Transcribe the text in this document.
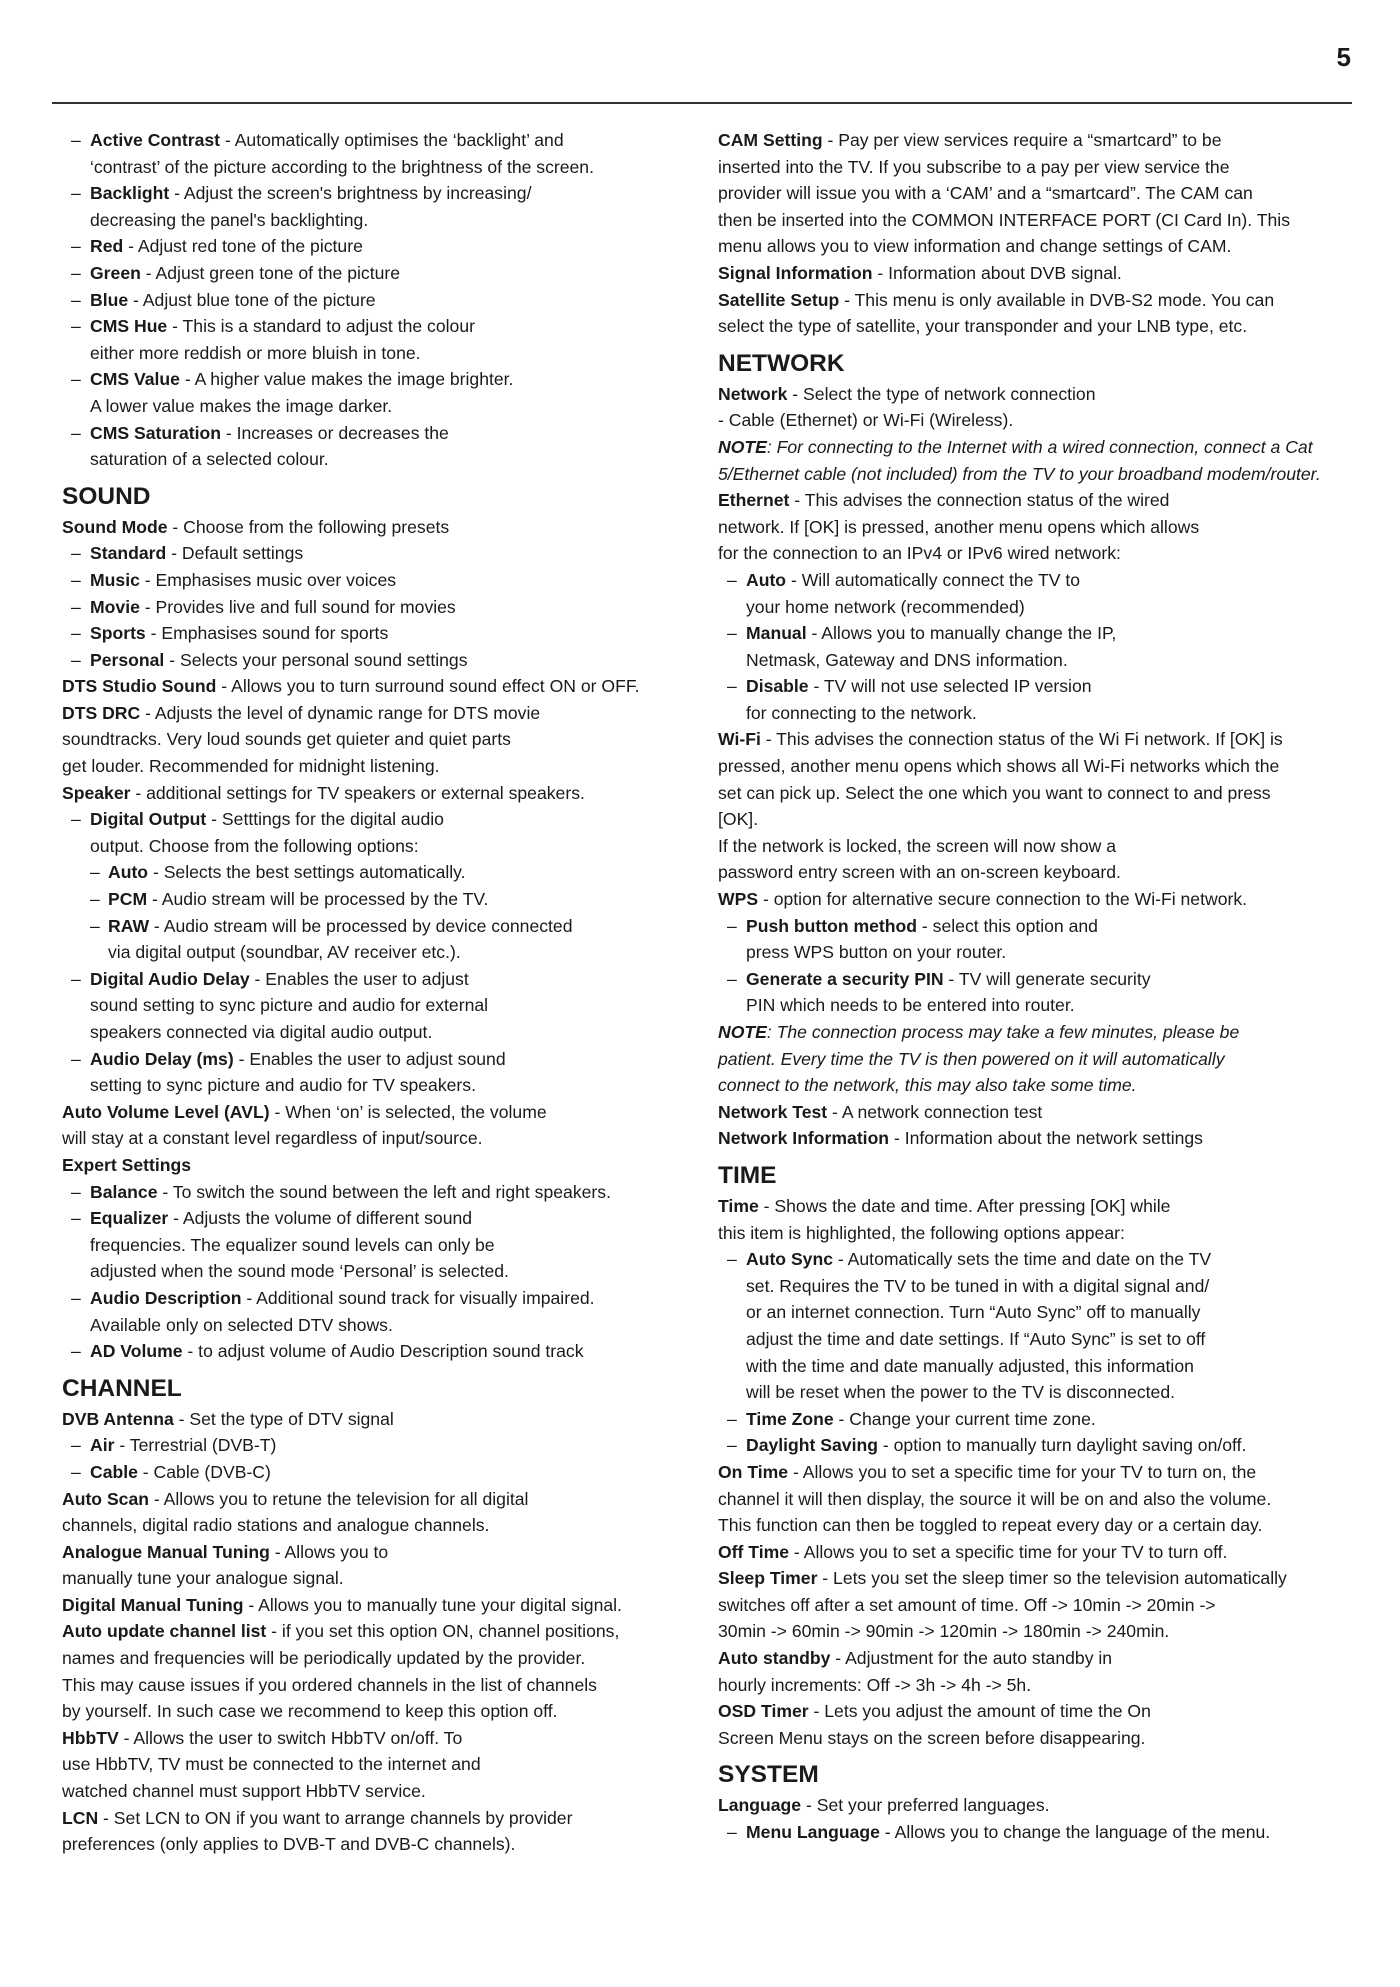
5
– Active Contrast - Automatically optimises the ‘backlight’ and
‘contrast’ of the picture according to the brightness of the screen.
– Backlight - Adjust the screen's brightness by increasing/
decreasing the panel's backlighting.
– Red - Adjust red tone of the picture
– Green - Adjust green tone of the picture
– Blue - Adjust blue tone of the picture
– CMS Hue - This is a standard to adjust the colour
either more reddish or more bluish in tone.
– CMS Value - A higher value makes the image brighter.
A lower value makes the image darker.
– CMS Saturation - Increases or decreases the
saturation of a selected colour.
SOUND
Sound Mode - Choose from the following presets
– Standard - Default settings
– Music - Emphasises music over voices
– Movie - Provides live and full sound for movies
– Sports - Emphasises sound for sports
– Personal - Selects your personal sound settings
DTS Studio Sound - Allows you to turn surround sound effect ON or OFF.
DTS DRC - Adjusts the level of dynamic range for DTS movie
soundtracks. Very loud sounds get quieter and quiet parts
get louder. Recommended for midnight listening.
Speaker - additional settings for TV speakers or external speakers.
– Digital Output - Setttings for the digital audio
output. Choose from the following options:
– Auto - Selects the best settings automatically.
– PCM - Audio stream will be processed by the TV.
– RAW - Audio stream will be processed by device connected
via digital output (soundbar, AV receiver etc.).
– Digital Audio Delay - Enables the user to adjust
sound setting to sync picture and audio for external
speakers connected via digital audio output.
– Audio Delay (ms) - Enables the user to adjust sound
setting to sync picture and audio for TV speakers.
Auto Volume Level (AVL) - When ‘on’ is selected, the volume
will stay at a constant level regardless of input/source.
Expert Settings
– Balance - To switch the sound between the left and right speakers.
– Equalizer - Adjusts the volume of different sound
frequencies. The equalizer sound levels can only be
adjusted when the sound mode ‘Personal’ is selected.
– Audio Description - Additional sound track for visually impaired.
Available only on selected DTV shows.
– AD Volume - to adjust volume of Audio Description sound track
CHANNEL
DVB Antenna - Set the type of DTV signal
– Air - Terrestrial (DVB-T)
– Cable - Cable (DVB-C)
Auto Scan - Allows you to retune the television for all digital
channels, digital radio stations and analogue channels.
Analogue Manual Tuning - Allows you to
manually tune your analogue signal.
Digital Manual Tuning - Allows you to manually tune your digital signal.
Auto update channel list - if you set this option ON, channel positions,
names and frequencies will be periodically updated by the provider.
This may cause issues if you ordered channels in the list of channels
by yourself. In such case we recommend to keep this option off.
HbbTV - Allows the user to switch HbbTV on/off. To
use HbbTV, TV must be connected to the internet and
watched channel must support HbbTV service.
LCN - Set LCN to ON if you want to arrange channels by provider
preferences (only applies to DVB-T and DVB-C channels).
CAM Setting - Pay per view services require a “smartcard” to be
inserted into the TV. If you subscribe to a pay per view service the
provider will issue you with a ‘CAM’ and a “smartcard”. The CAM can
then be inserted into the COMMON INTERFACE PORT (CI Card In). This
menu allows you to view information and change settings of CAM.
Signal Information - Information about DVB signal.
Satellite Setup - This menu is only available in DVB-S2 mode. You can
select the type of satellite, your transponder and your LNB type, etc.
NETWORK
Network - Select the type of network connection
- Cable (Ethernet) or Wi-Fi (Wireless).
NOTE: For connecting to the Internet with a wired connection, connect a Cat
5/Ethernet cable (not included) from the TV to your broadband modem/router.
Ethernet - This advises the connection status of the wired
network. If [OK] is pressed, another menu opens which allows
for the connection to an IPv4 or IPv6 wired network:
– Auto - Will automatically connect the TV to
your home network (recommended)
– Manual - Allows you to manually change the IP,
Netmask, Gateway and DNS information.
– Disable - TV will not use selected IP version
for connecting to the network.
Wi-Fi - This advises the connection status of the Wi Fi network. If [OK] is
pressed, another menu opens which shows all Wi-Fi networks which the
set can pick up. Select the one which you want to connect to and press
[OK].
If the network is locked, the screen will now show a
password entry screen with an on-screen keyboard.
WPS - option for alternative secure connection to the Wi-Fi network.
– Push button method - select this option and
press WPS button on your router.
– Generate a security PIN - TV will generate security
PIN which needs to be entered into router.
NOTE: The connection process may take a few minutes, please be
patient. Every time the TV is then powered on it will automatically
connect to the network, this may also take some time.
Network Test - A network connection test
Network Information - Information about the network settings
TIME
Time - Shows the date and time. After pressing [OK] while
this item is highlighted, the following options appear:
– Auto Sync - Automatically sets the time and date on the TV
set. Requires the TV to be tuned in with a digital signal and/
or an internet connection. Turn “Auto Sync” off to manually
adjust the time and date settings. If “Auto Sync” is set to off
with the time and date manually adjusted, this information
will be reset when the power to the TV is disconnected.
– Time Zone - Change your current time zone.
– Daylight Saving - option to manually turn daylight saving on/off.
On Time - Allows you to set a specific time for your TV to turn on, the
channel it will then display, the source it will be on and also the volume.
This function can then be toggled to repeat every day or a certain day.
Off Time - Allows you to set a specific time for your TV to turn off.
Sleep Timer - Lets you set the sleep timer so the television automatically
switches off after a set amount of time. Off -> 10min -> 20min ->
30min -> 60min -> 90min -> 120min -> 180min -> 240min.
Auto standby - Adjustment for the auto standby in
hourly increments: Off -> 3h -> 4h -> 5h.
OSD Timer - Lets you adjust the amount of time the On
Screen Menu stays on the screen before disappearing.
SYSTEM
Language - Set your preferred languages.
– Menu Language - Allows you to change the language of the menu.
